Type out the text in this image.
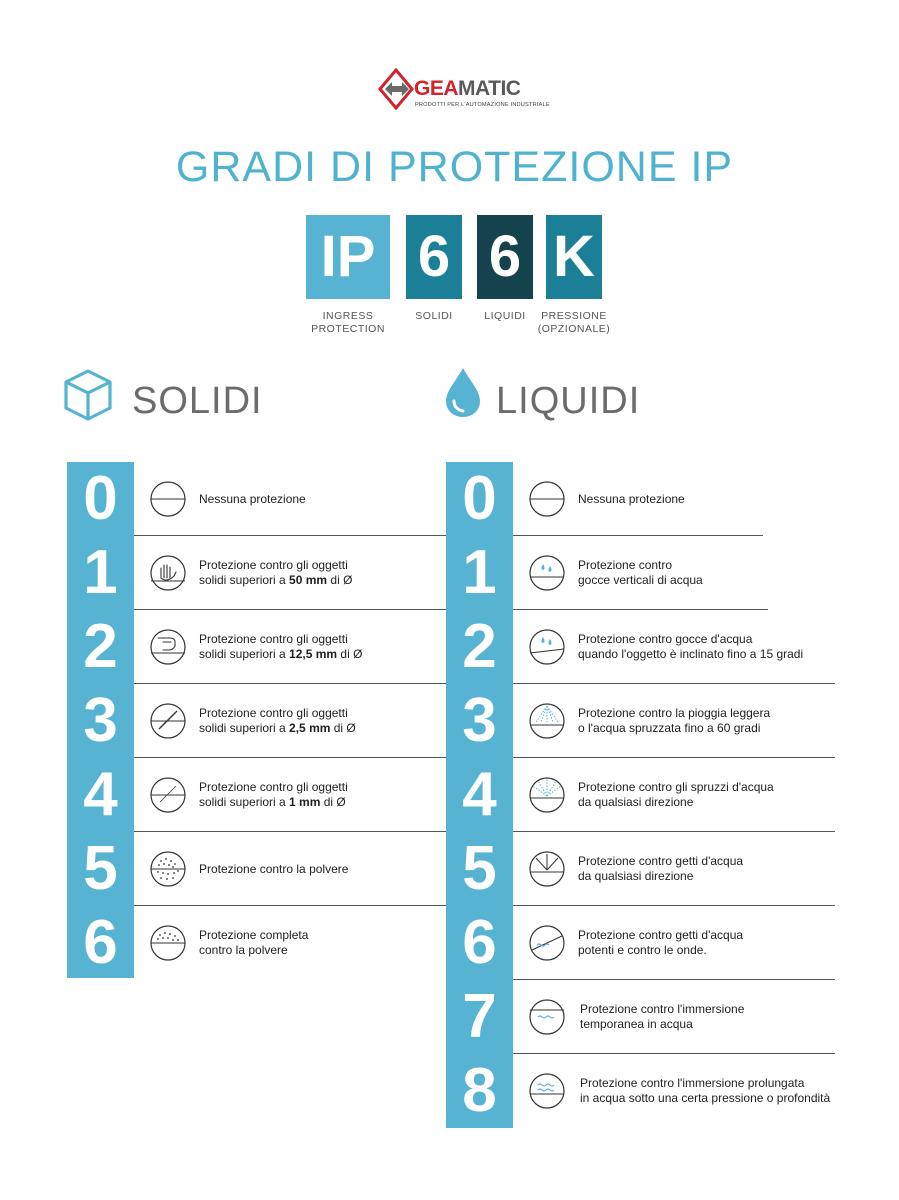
GEAMATIC
PRODOTTI PER L'AUTOMAZIONE INDUSTRIALE
GRADI DI PROTEZIONE IP
IP 6 6 K
INGRESS
PROTECTION
SOLIDI	LIQUIDI	PRESSIONE
(OPZIONALE)
SOLIDI	LIQUIDI
0	Nessuna protezione
1	Protezione contro gli oggetti
solidi superiori a 50 mm di Ø
2	Protezione contro gli oggetti
solidi superiori a 12,5 mm di Ø
3	Protezione contro gli oggetti
solidi superiori a 2,5 mm di Ø
4	Protezione contro gli oggetti
solidi superiori a 1 mm di Ø
5	Protezione contro la polvere
6	Protezione completa
contro la polvere
0	Nessuna protezione
1	Protezione contro
gocce verticali di acqua
2	Protezione contro gocce d'acqua
quando l'oggetto è inclinato fino a 15 gradi
3	Protezione contro la pioggia leggera
o l'acqua spruzzata fino a 60 gradi
4	Protezione contro gli spruzzi d'acqua
da qualsiasi direzione
5	Protezione contro getti d'acqua
da qualsiasi direzione
6	Protezione contro getti d'acqua
potenti e contro le onde.
7	Protezione contro l'immersione
temporanea in acqua
8	Protezione contro l'immersione prolungata
in acqua sotto una certa pressione o profondità
